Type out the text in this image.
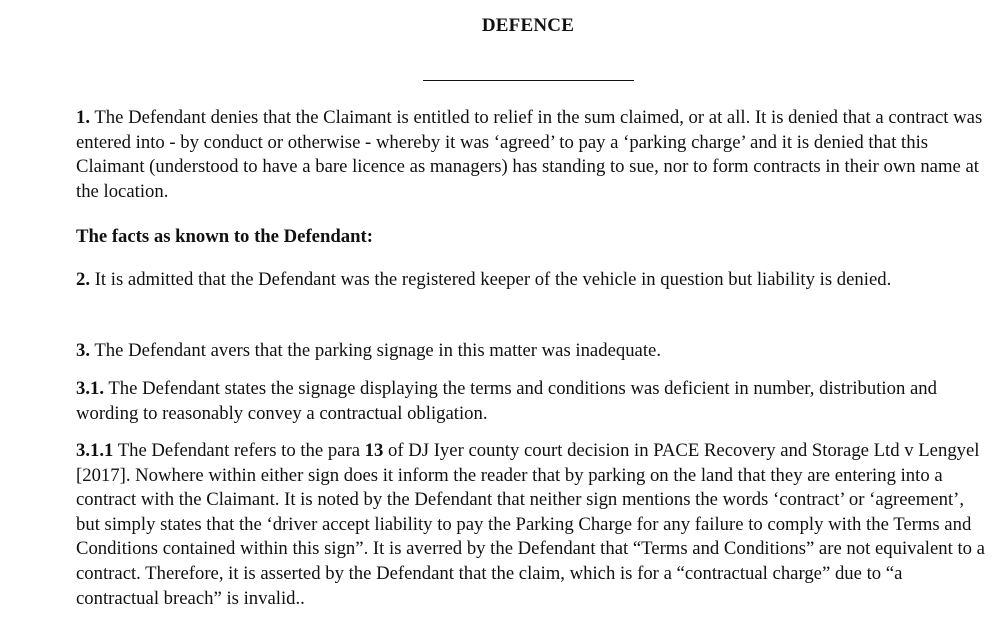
DEFENCE

1. The Defendant denies that the Claimant is entitled to relief in the sum claimed, or at all. It is denied that a contract was entered into - by conduct or otherwise - whereby it was ‘agreed’ to pay a ‘parking charge’ and it is denied that this Claimant (understood to have a bare licence as managers) has standing to sue, nor to form contracts in their own name at the location.

The facts as known to the Defendant:

2. It is admitted that the Defendant was the registered keeper of the vehicle in question but liability is denied.

3. The Defendant avers that the parking signage in this matter was inadequate.

3.1. The Defendant states the signage displaying the terms and conditions was deficient in number, distribution and wording to reasonably convey a contractual obligation.

3.1.1 The Defendant refers to the para 13 of DJ Iyer county court decision in PACE Recovery and Storage Ltd v Lengyel [2017]. Nowhere within either sign does it inform the reader that by parking on the land that they are entering into a contract with the Claimant. It is noted by the Defendant that neither sign mentions the words ‘contract’ or ‘agreement’, but simply states that the ‘driver accept liability to pay the Parking Charge for any failure to comply with the Terms and Conditions contained within this sign”. It is averred by the Defendant that “Terms and Conditions” are not equivalent to a contract. Therefore, it is asserted by the Defendant that the claim, which is for a “contractual charge” due to “a contractual breach” is invalid..
